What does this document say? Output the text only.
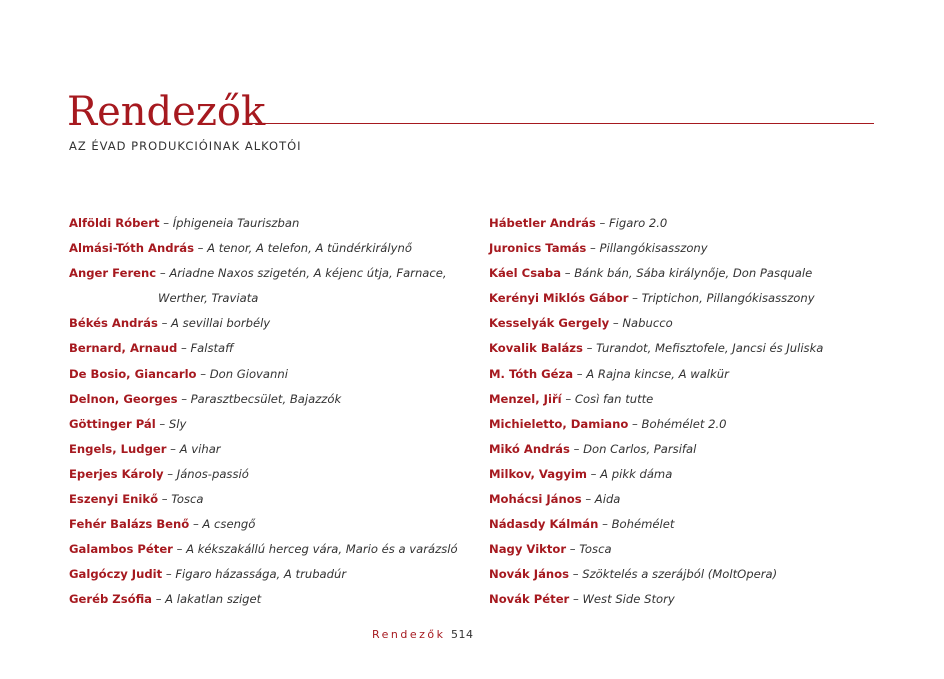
Rendezők
AZ ÉVAD PRODUKCIÓINAK ALKOTÓI
Alföldi Róbert – Íphigeneia Tauriszban
Almási-Tóth András – A tenor, A telefon, A tündérkirálynő
Anger Ferenc – Ariadne Naxos szigetén, A kéjenc útja, Farnace,
Werther, Traviata
Békés András – A sevillai borbély
Bernard, Arnaud – Falstaff
De Bosio, Giancarlo – Don Giovanni
Delnon, Georges – Parasztbecsület, Bajazzók
Göttinger Pál – Sly
Engels, Ludger – A vihar
Eperjes Károly – János-passió
Eszenyi Enikő – Tosca
Fehér Balázs Benő – A csengő
Galambos Péter – A kékszakállú herceg vára, Mario és a varázsló
Galgóczy Judit – Figaro házassága, A trubadúr
Geréb Zsófia – A lakatlan sziget
Hábetler András – Figaro 2.0
Juronics Tamás – Pillangókisasszony
Káel Csaba – Bánk bán, Sába királynője, Don Pasquale
Kerényi Miklós Gábor – Triptichon, Pillangókisasszony
Kesselyák Gergely – Nabucco
Kovalik Balázs – Turandot, Mefisztofele, Jancsi és Juliska
M. Tóth Géza – A Rajna kincse, A walkür
Menzel, Jiří – Così fan tutte
Michieletto, Damiano – Bohémélet 2.0
Mikó András – Don Carlos, Parsifal
Milkov, Vagyim – A pikk dáma
Mohácsi János – Aida
Nádasdy Kálmán – Bohémélet
Nagy Viktor – Tosca
Novák János – Szöktelés a szerájból (MoltOpera)
Novák Péter – West Side Story
Rendezők 514
